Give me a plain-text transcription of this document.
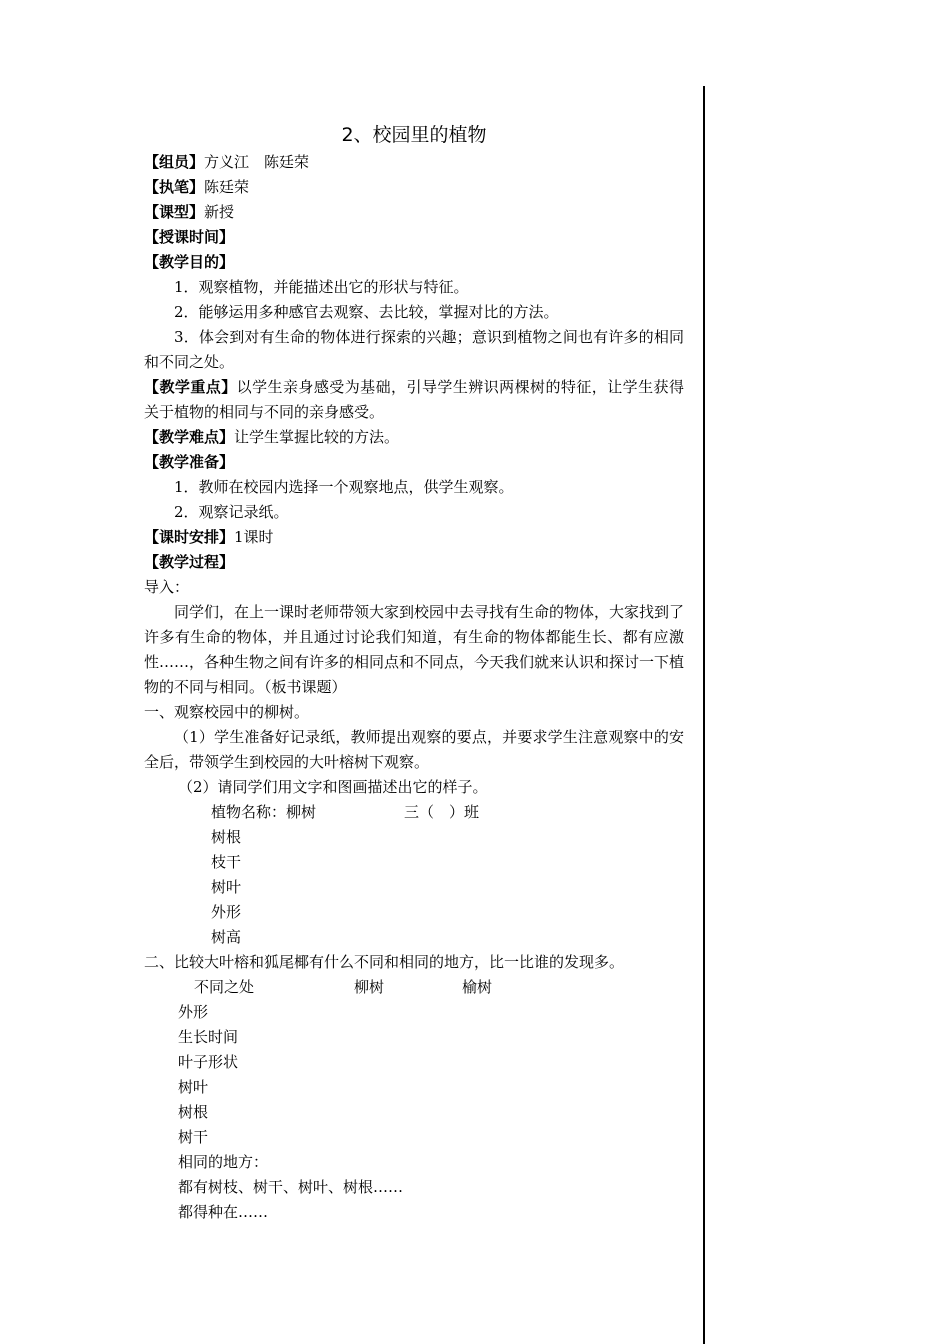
2、校园里的植物
【组员】方义江　陈廷荣
【执笔】陈廷荣
【课型】新授
【授课时间】
【教学目的】
1．观察植物，并能描述出它的形状与特征。
2．能够运用多种感官去观察、去比较，掌握对比的方法。
3．体会到对有生命的物体进行探索的兴趣；意识到植物之间也有许多的相同和不同之处。
【教学重点】以学生亲身感受为基础，引导学生辨识两棵树的特征，让学生获得关于植物的相同与不同的亲身感受。
【教学难点】让学生掌握比较的方法。
【教学准备】
1．教师在校园内选择一个观察地点，供学生观察。
2．观察记录纸。
【课时安排】1课时
【教学过程】
导入：
同学们，在上一课时老师带领大家到校园中去寻找有生命的物体，大家找到了许多有生命的物体，并且通过讨论我们知道，有生命的物体都能生长、都有应激性……，各种生物之间有许多的相同点和不同点，今天我们就来认识和探讨一下植物的不同与相同。（板书课题）
一、观察校园中的柳树。
（1）学生准备好记录纸，教师提出观察的要点，并要求学生注意观察中的安全后，带领学生到校园的大叶榕树下观察。
（2）请同学们用文字和图画描述出它的样子。
植物名称：柳树	三（　）班
树根
枝干
树叶
外形
树高
二、比较大叶榕和狐尾椰有什么不同和相同的地方，比一比谁的发现多。
不同之处	柳树	榆树
外形
生长时间
叶子形状
树叶
树根
树干
相同的地方：
都有树枝、树干、树叶、树根……
都得种在……
